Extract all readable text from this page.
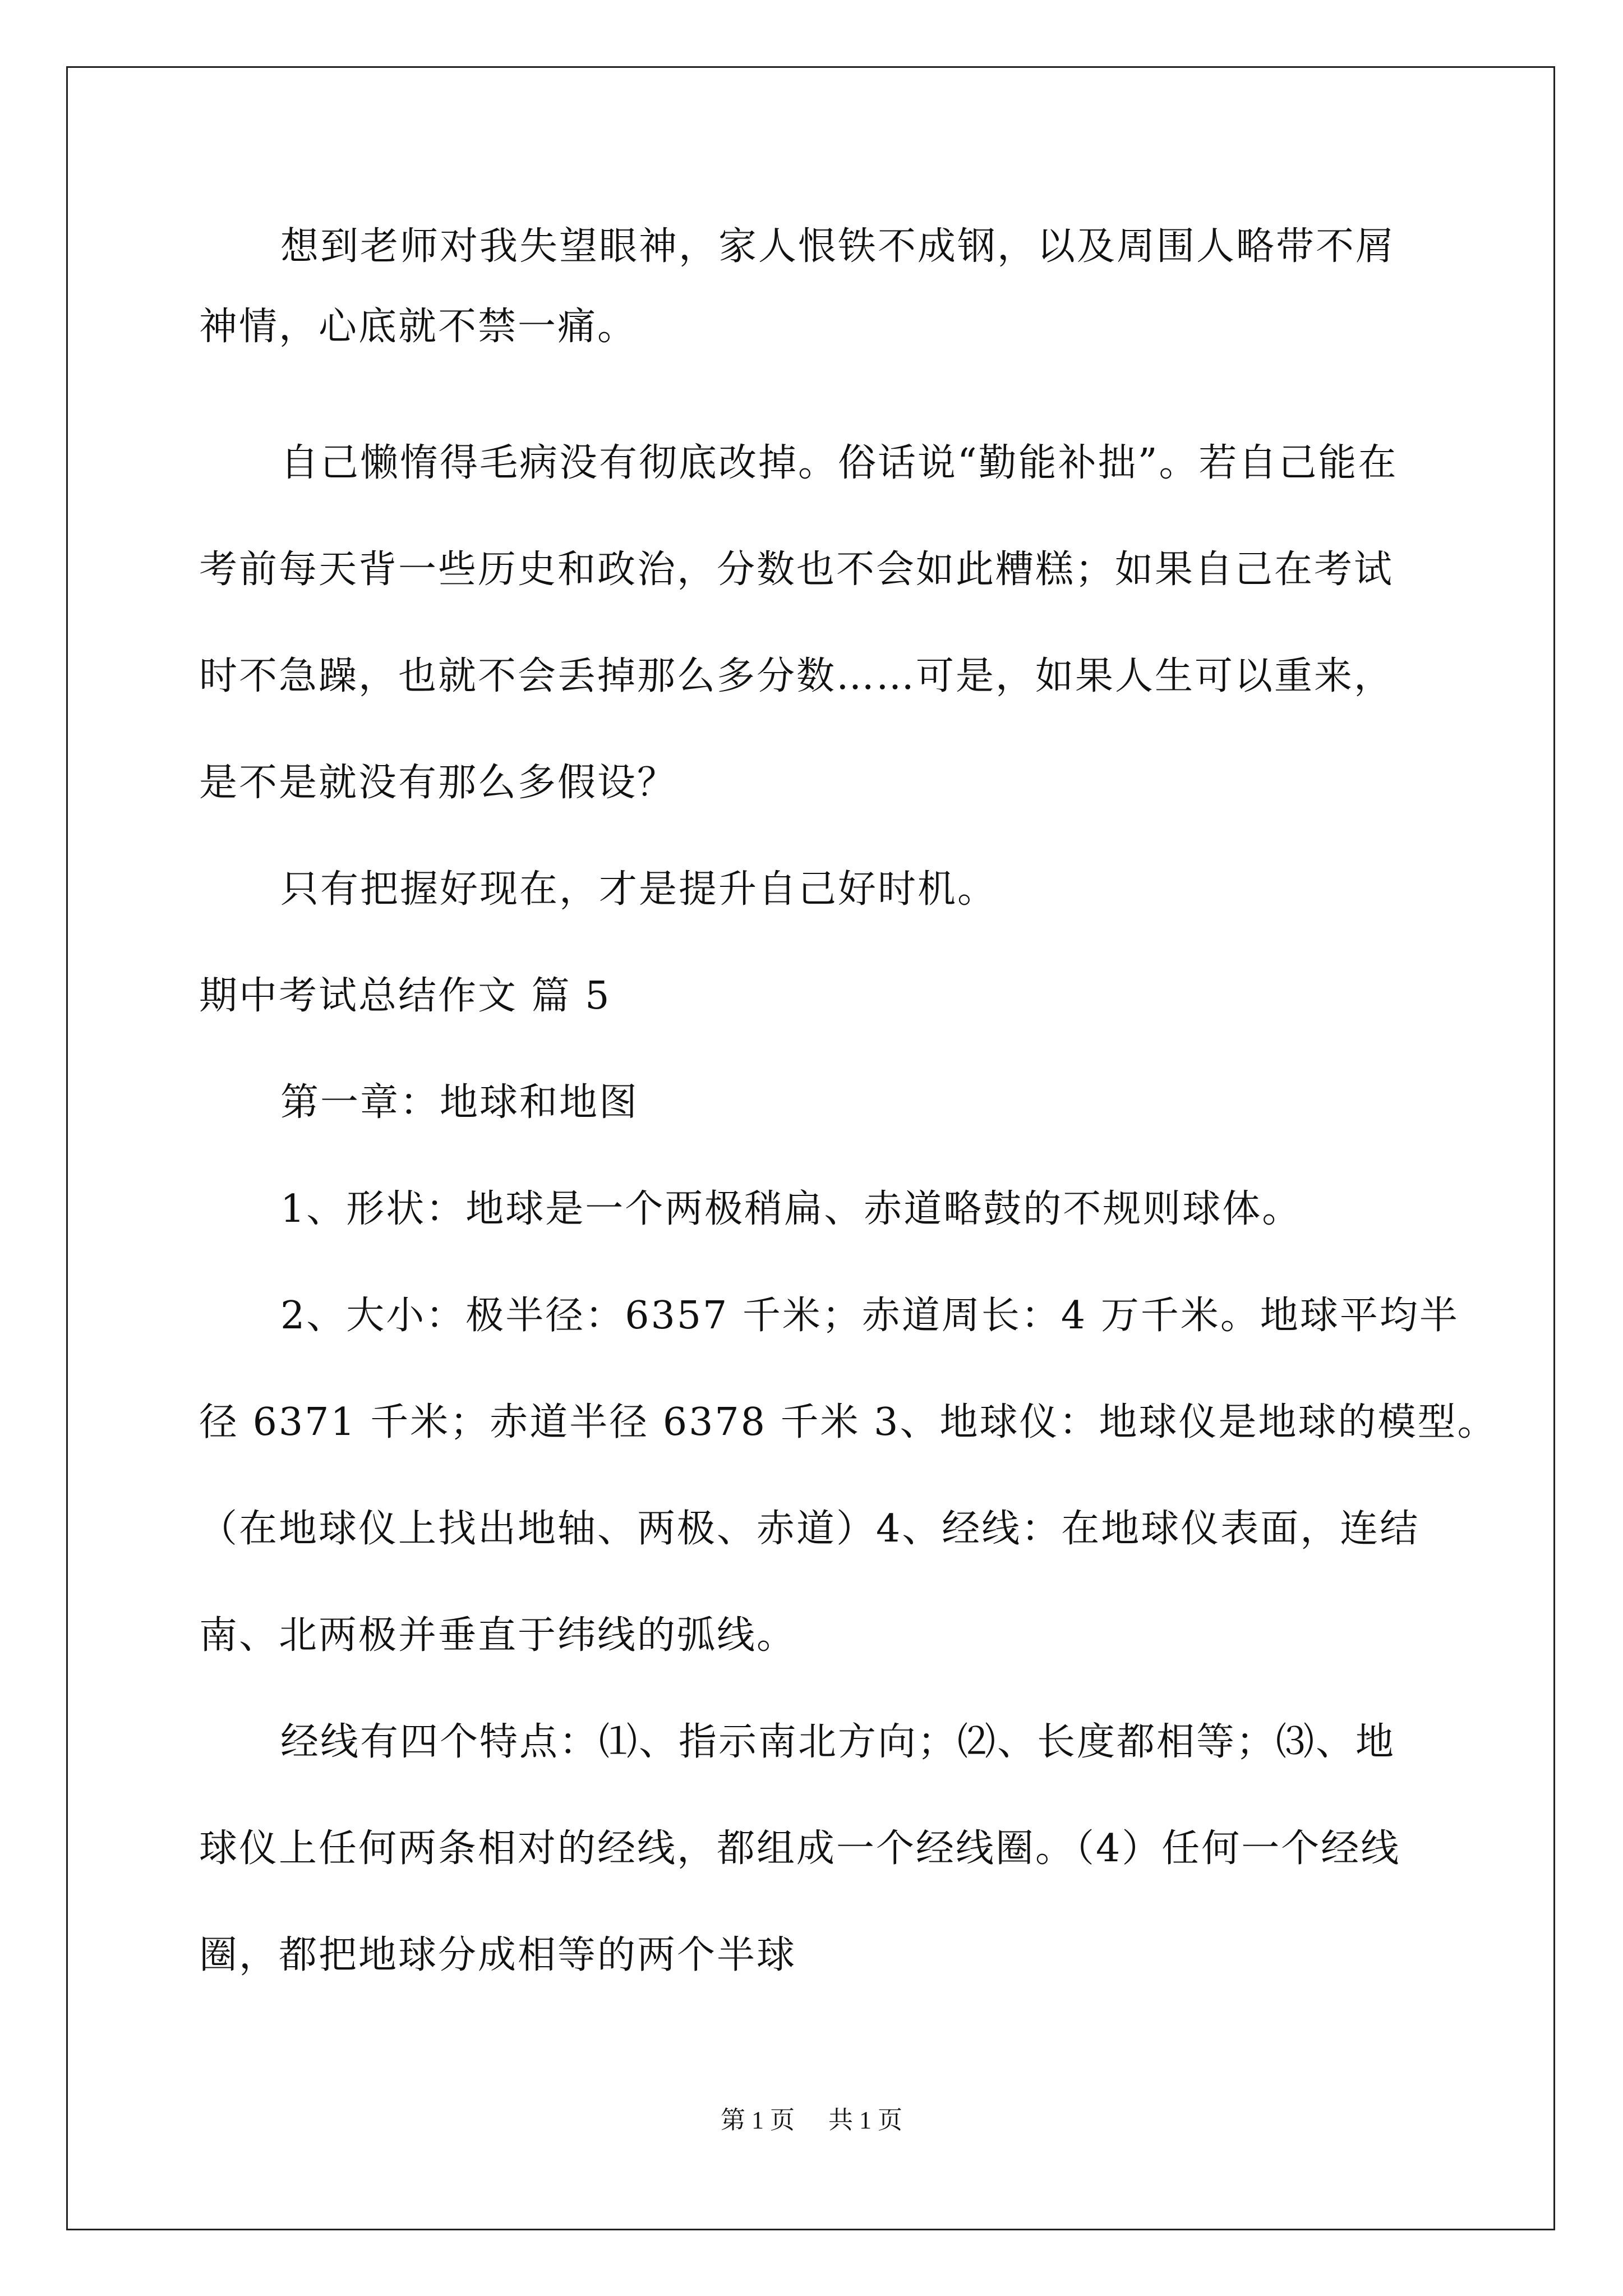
想到老师对我失望眼神，家人恨铁不成钢，以及周围人略带不屑

神情，心底就不禁一痛。

自己懒惰得毛病没有彻底改掉。俗话说“勤能补拙”。若自己能在

考前每天背一些历史和政治，分数也不会如此糟糕；如果自己在考试

时不急躁，也就不会丢掉那么多分数……可是，如果人生可以重来，

是不是就没有那么多假设？

只有把握好现在，才是提升自己好时机。

期中考试总结作文 篇 5

第一章：地球和地图

1、形状：地球是一个两极稍扁、赤道略鼓的不规则球体。

2、大小：极半径：6357 千米；赤道周长：4 万千米。地球平均半

径 6371 千米；赤道半径 6378 千米 3、地球仪：地球仪是地球的模型。

（在地球仪上找出地轴、两极、赤道）4、经线：在地球仪表面，连结

南、北两极并垂直于纬线的弧线。

经线有四个特点：⑴、指示南北方向；⑵、长度都相等；⑶、地

球仪上任何两条相对的经线，都组成一个经线圈。（4）任何一个经线

圈，都把地球分成相等的两个半球

第 1 页 共 1 页
